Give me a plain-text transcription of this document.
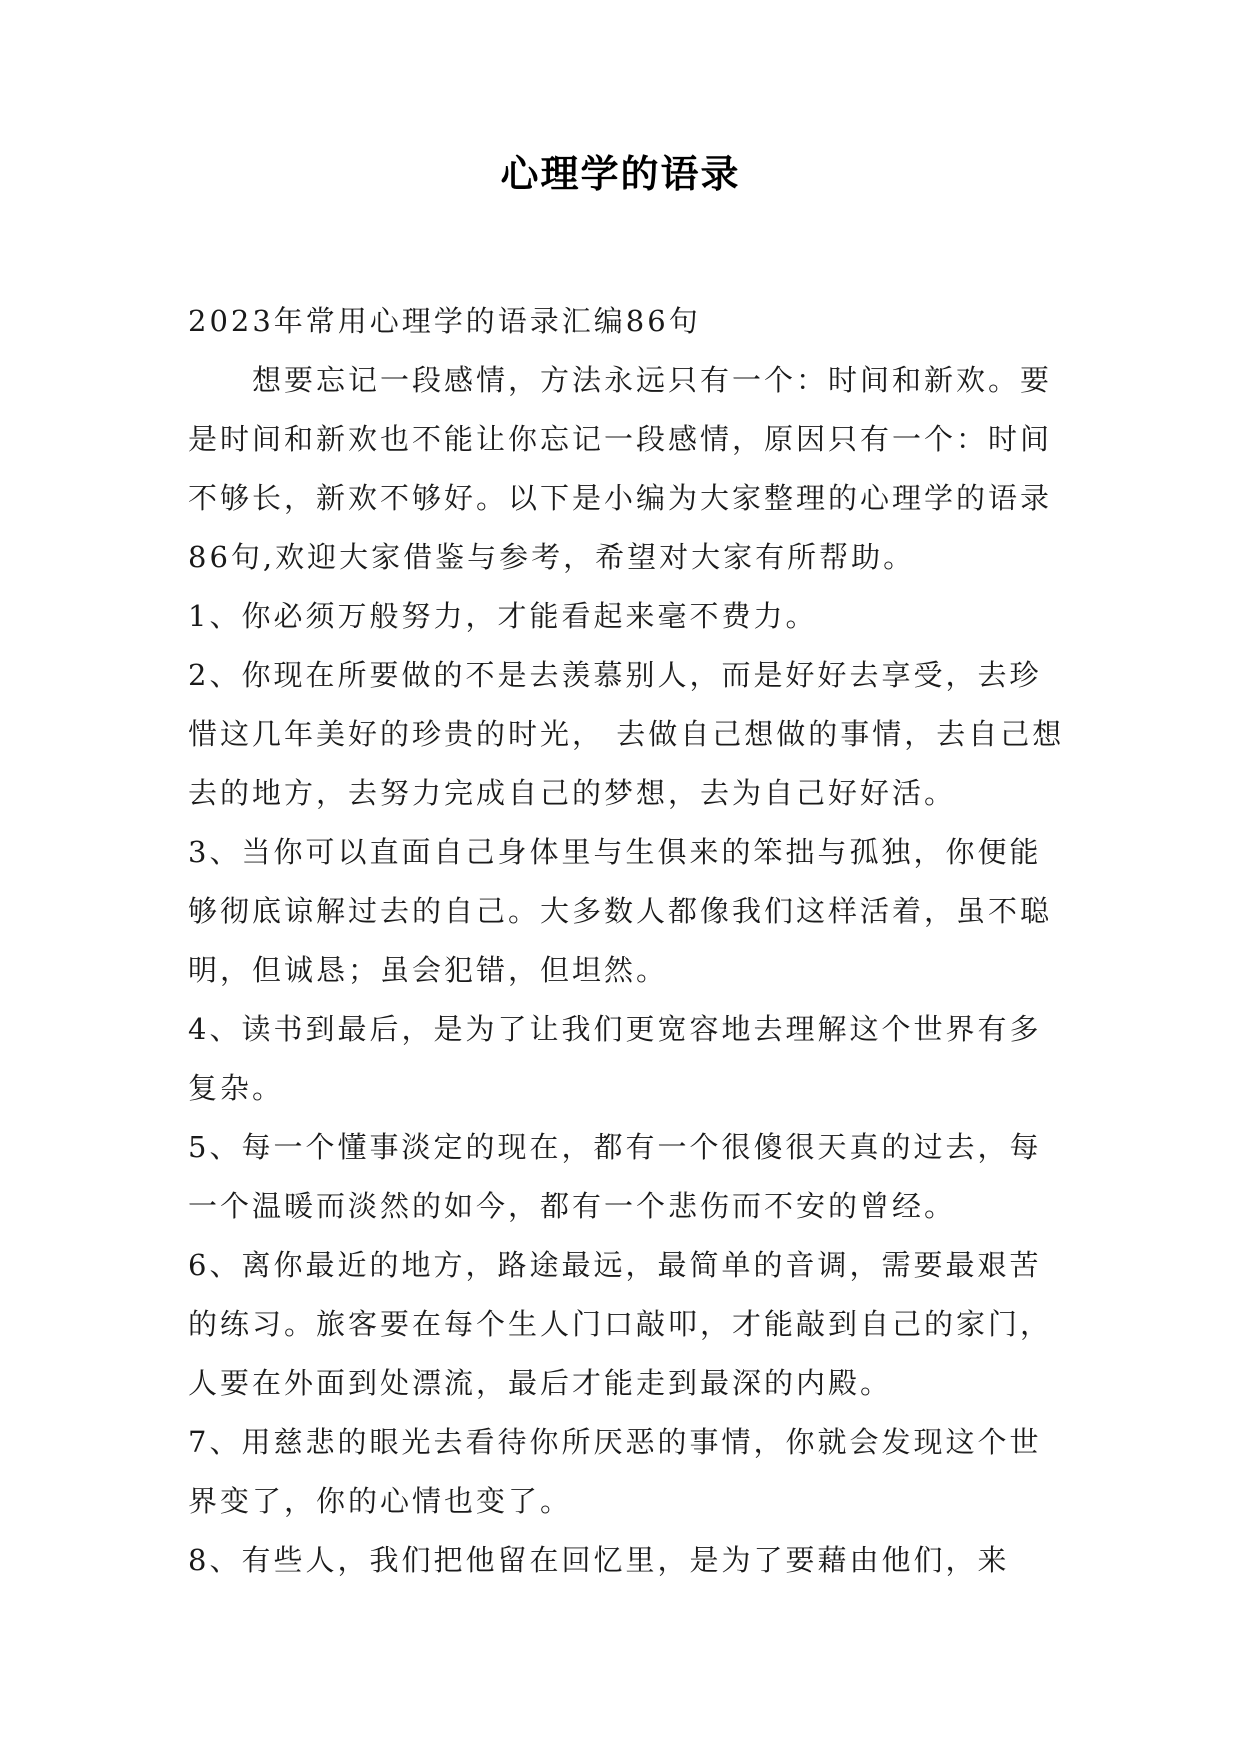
心理学的语录

2023年常用心理学的语录汇编86句

想要忘记一段感情，方法永远只有一个：时间和新欢。要是时间和新欢也不能让你忘记一段感情，原因只有一个：时间不够长，新欢不够好。以下是小编为大家整理的心理学的语录86句,欢迎大家借鉴与参考，希望对大家有所帮助。

1、你必须万般努力，才能看起来毫不费力。

2、你现在所要做的不是去羡慕别人，而是好好去享受，去珍惜这几年美好的珍贵的时光， 去做自己想做的事情，去自己想去的地方，去努力完成自己的梦想，去为自己好好活。

3、当你可以直面自己身体里与生俱来的笨拙与孤独，你便能够彻底谅解过去的自己。大多数人都像我们这样活着，虽不聪明，但诚恳；虽会犯错，但坦然。

4、读书到最后，是为了让我们更宽容地去理解这个世界有多复杂。

5、每一个懂事淡定的现在，都有一个很傻很天真的过去，每一个温暖而淡然的如今，都有一个悲伤而不安的曾经。

6、离你最近的地方，路途最远，最简单的音调，需要最艰苦的练习。旅客要在每个生人门口敲叩，才能敲到自己的家门，人要在外面到处漂流，最后才能走到最深的内殿。

7、用慈悲的眼光去看待你所厌恶的事情，你就会发现这个世界变了，你的心情也变了。

8、有些人，我们把他留在回忆里，是为了要藉由他们，来
